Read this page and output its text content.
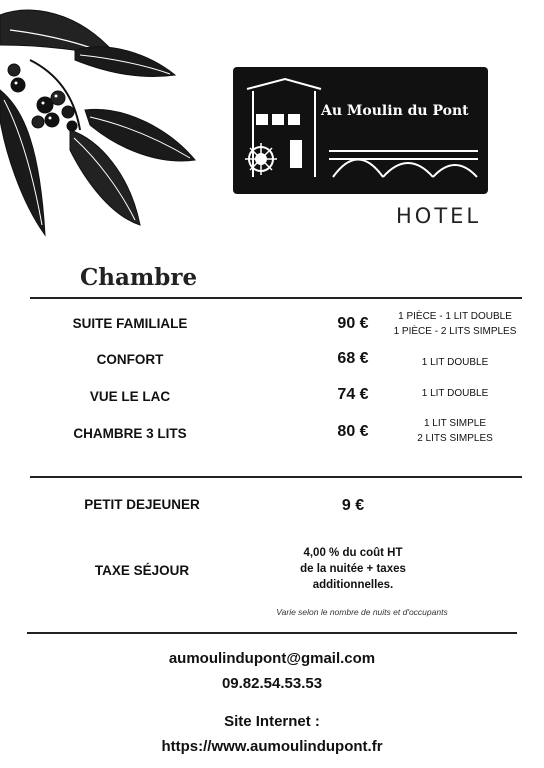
Au Moulin du Pont
HOTEL
Chambre
SUITE FAMILIALE	90 €	1 PIÈCE - 1 LIT DOUBLE
1 PIÈCE - 2 LITS SIMPLES
CONFORT	68 €	1 LIT DOUBLE
VUE LE LAC	74 €	1 LIT DOUBLE
CHAMBRE 3 LITS	80 €	1 LIT SIMPLE
2 LITS SIMPLES
PETIT DEJEUNER	9 €
TAXE SÉJOUR
4,00 % du coût HT
de la nuitée + taxes
additionnelles.
Varie selon le nombre de nuits et d'occupants
aumoulindupont@gmail.com
09.82.54.53.53
Site Internet :
https://www.aumoulindupont.fr
